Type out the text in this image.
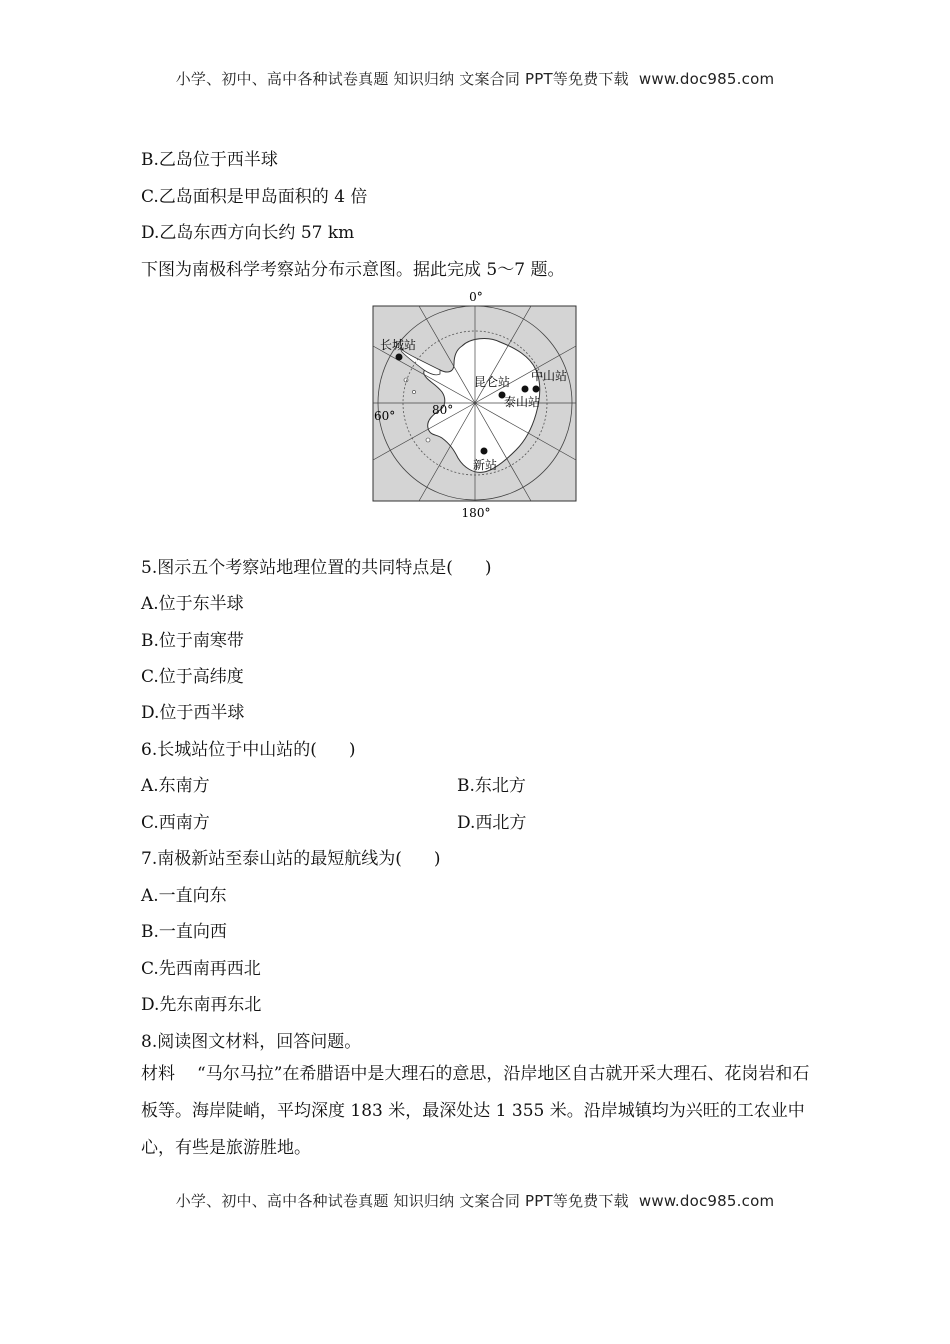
小学、初中、高中各种试卷真题 知识归纳 文案合同 PPT等免费下载 www.doc985.com
B.乙岛位于西半球
C.乙岛面积是甲岛面积的 4 倍
D.乙岛东西方向长约 57 km
下图为南极科学考察站分布示意图。据此完成 5～7 题。
0°
长城站
昆仑站 中山站
泰山站
新站
60°	80°
180°
5.图示五个考察站地理位置的共同特点是( )
A.位于东半球
B.位于南寒带
C.位于高纬度
D.位于西半球
6.长城站位于中山站的( )
A.东南方	B.东北方
C.西南方	D.西北方
7.南极新站至泰山站的最短航线为( )
A.一直向东
B.一直向西
C.先西南再西北
D.先东南再东北
8.阅读图文材料，回答问题。
材料 “马尔马拉”在希腊语中是大理石的意思，沿岸地区自古就开采大理石、花岗岩和石板等。海岸陡峭，平均深度 183 米，最深处达 1 355 米。沿岸城镇均为兴旺的工农业中心，有些是旅游胜地。
小学、初中、高中各种试卷真题 知识归纳 文案合同 PPT等免费下载 www.doc985.com
